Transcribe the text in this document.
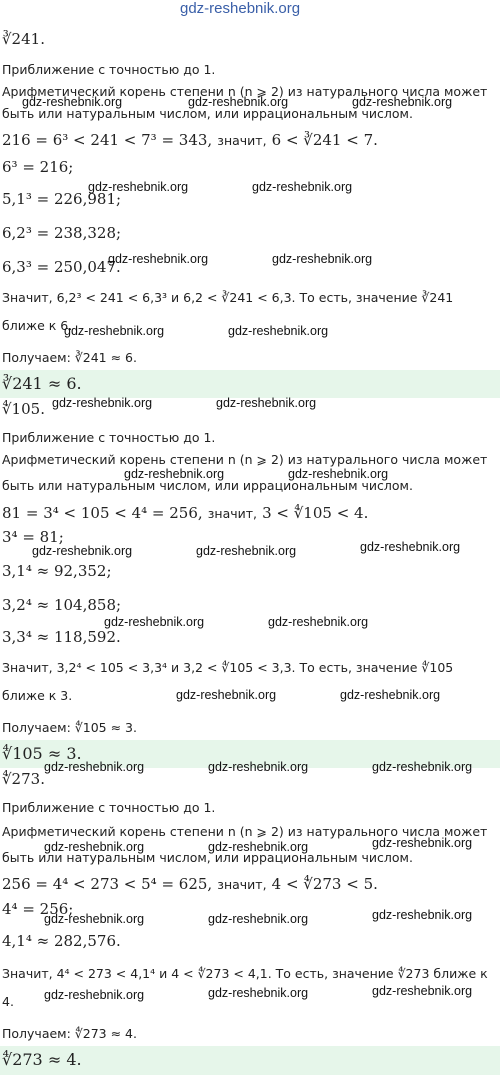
gdz-reshebnik.org
∛241.
Приближение с точностью до 1.
Арифметический корень степени n (n ⩾ 2) из натурального числа может
быть или натуральным числом, или иррациональным числом.
216 = 6³ < 241 < 7³ = 343, значит, 6 < ∛241 < 7.
6³ = 216;
5,1³ = 226,981;
6,2³ = 238,328;
6,3³ = 250,047.
Значит, 6,2³ < 241 < 6,3³ и 6,2 < ∛241 < 6,3. То есть, значение ∛241
ближе к 6.
Получаем: ∛241 ≈ 6.
∛241 ≈ 6.
∜105.
Приближение с точностью до 1.
Арифметический корень степени n (n ⩾ 2) из натурального числа может
быть или натуральным числом, или иррациональным числом.
81 = 3⁴ < 105 < 4⁴ = 256, значит, 3 < ∜105 < 4.
3⁴ = 81;
3,1⁴ ≈ 92,352;
3,2⁴ ≈ 104,858;
3,3⁴ ≈ 118,592.
Значит, 3,2⁴ < 105 < 3,3⁴ и 3,2 < ∜105 < 3,3. То есть, значение ∜105
ближе к 3.
Получаем: ∜105 ≈ 3.
∜105 ≈ 3.
∜273.
Приближение с точностью до 1.
Арифметический корень степени n (n ⩾ 2) из натурального числа может
быть или натуральным числом, или иррациональным числом.
256 = 4⁴ < 273 < 5⁴ = 625, значит, 4 < ∜273 < 5.
4⁴ = 256;
4,1⁴ ≈ 282,576.
Значит, 4⁴ < 273 < 4,1⁴ и 4 < ∜273 < 4,1. То есть, значение ∜273 ближе к
4.
Получаем: ∜273 ≈ 4.
∜273 ≈ 4.
gdz-reshebnik.org	gdz-reshebnik.org	gdz-reshebnik.org
gdz-reshebnik.org	gdz-reshebnik.org
gdz-reshebnik.org	gdz-reshebnik.org
gdz-reshebnik.org	gdz-reshebnik.org
gdz-reshebnik.org	gdz-reshebnik.org
gdz-reshebnik.org	gdz-reshebnik.org
gdz-reshebnik.org
gdz-reshebnik.org	gdz-reshebnik.org
gdz-reshebnik.org	gdz-reshebnik.org
gdz-reshebnik.org	gdz-reshebnik.org
gdz-reshebnik.org	gdz-reshebnik.org	gdz-reshebnik.org
gdz-reshebnik.org
gdz-reshebnik.org	gdz-reshebnik.org
gdz-reshebnik.org
gdz-reshebnik.org	gdz-reshebnik.org
gdz-reshebnik.org
gdz-reshebnik.org
gdz-reshebnik.org
